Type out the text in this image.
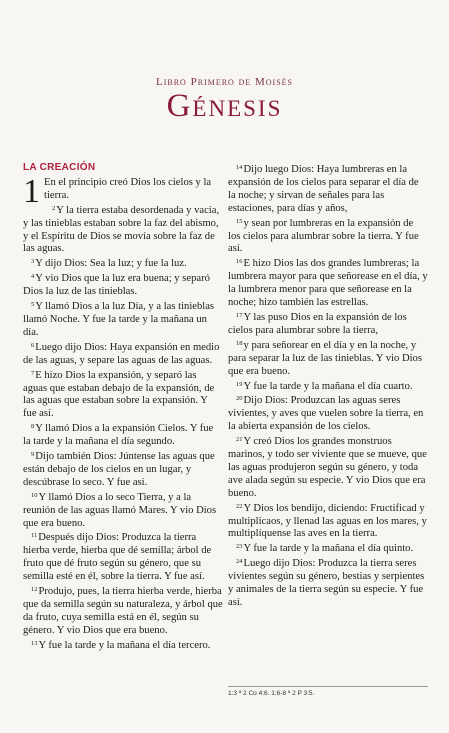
Libro Primero de Moisés
Génesis

LA CREACIÓN

1 En el principio creó Dios los cielos y la tierra.

$^2$Y la tierra estaba desordenada y vacía, y las tinieblas estaban sobre la faz del abismo, y el Espíritu de Dios se movía sobre la faz de las aguas.

$^3$Y dijo Dios: Sea la luz; y fue la luz.

$^4$Y vio Dios que la luz era buena; y separó Dios la luz de las tinieblas.

$^5$Y llamó Dios a la luz Día, y a las tinieblas llamó Noche. Y fue la tarde y la mañana un día.

$^6$Luego dijo Dios: Haya expansión en medio de las aguas, y separe las aguas de las aguas.

$^7$E hizo Dios la expansión, y separó las aguas que estaban debajo de la expansión, de las aguas que estaban sobre la expansión. Y fue así.

$^8$Y llamó Dios a la expansión Cielos. Y fue la tarde y la mañana el día segundo.

$^9$Dijo también Dios: Júntense las aguas que están debajo de los cielos en un lugar, y descúbrase lo seco. Y fue así.

$^{10}$Y llamó Dios a lo seco Tierra, y a la reunión de las aguas llamó Mares. Y vio Dios que era bueno.

$^{11}$Después dijo Dios: Produzca la tierra hierba verde, hierba que dé semilla; árbol de fruto que dé fruto según su género, que su semilla esté en él, sobre la tierra. Y fue así.

$^{12}$Produjo, pues, la tierra hierba verde, hierba que da semilla según su naturaleza, y árbol que da fruto, cuya semilla está en él, según su género. Y vio Dios que era bueno.

$^{13}$Y fue la tarde y la mañana el día tercero.

$^{14}$Dijo luego Dios: Haya lumbreras en la expansión de los cielos para separar el día de la noche; y sirvan de señales para las estaciones, para días y años,

$^{15}$y sean por lumbreras en la expansión de los cielos para alumbrar sobre la tierra. Y fue así.

$^{16}$E hizo Dios las dos grandes lumbreras; la lumbrera mayor para que señorease en el día, y la lumbrera menor para que señorease en la noche; hizo también las estrellas.

$^{17}$Y las puso Dios en la expansión de los cielos para alumbrar sobre la tierra,

$^{18}$y para señorear en el día y en la noche, y para separar la luz de las tinieblas. Y vio Dios que era bueno.

$^{19}$Y fue la tarde y la mañana el día cuarto.

$^{20}$Dijo Dios: Produzcan las aguas seres vivientes, y aves que vuelen sobre la tierra, en la abierta expansión de los cielos.

$^{21}$Y creó Dios los grandes monstruos marinos, y todo ser viviente que se mueve, que las aguas produjeron según su género, y toda ave alada según su especie. Y vio Dios que era bueno.

$^{22}$Y Dios los bendijo, diciendo: Fructificad y multiplicaos, y llenad las aguas en los mares, y multiplíquense las aves en la tierra.

$^{23}$Y fue la tarde y la mañana el día quinto.

$^{24}$Luego dijo Dios: Produzca la tierra seres vivientes según su género, bestias y serpientes y animales de la tierra según su especie. Y fue así.

1:3 ª 2 Co 4:6. 1:6-8 ª 2 P 3:5.
